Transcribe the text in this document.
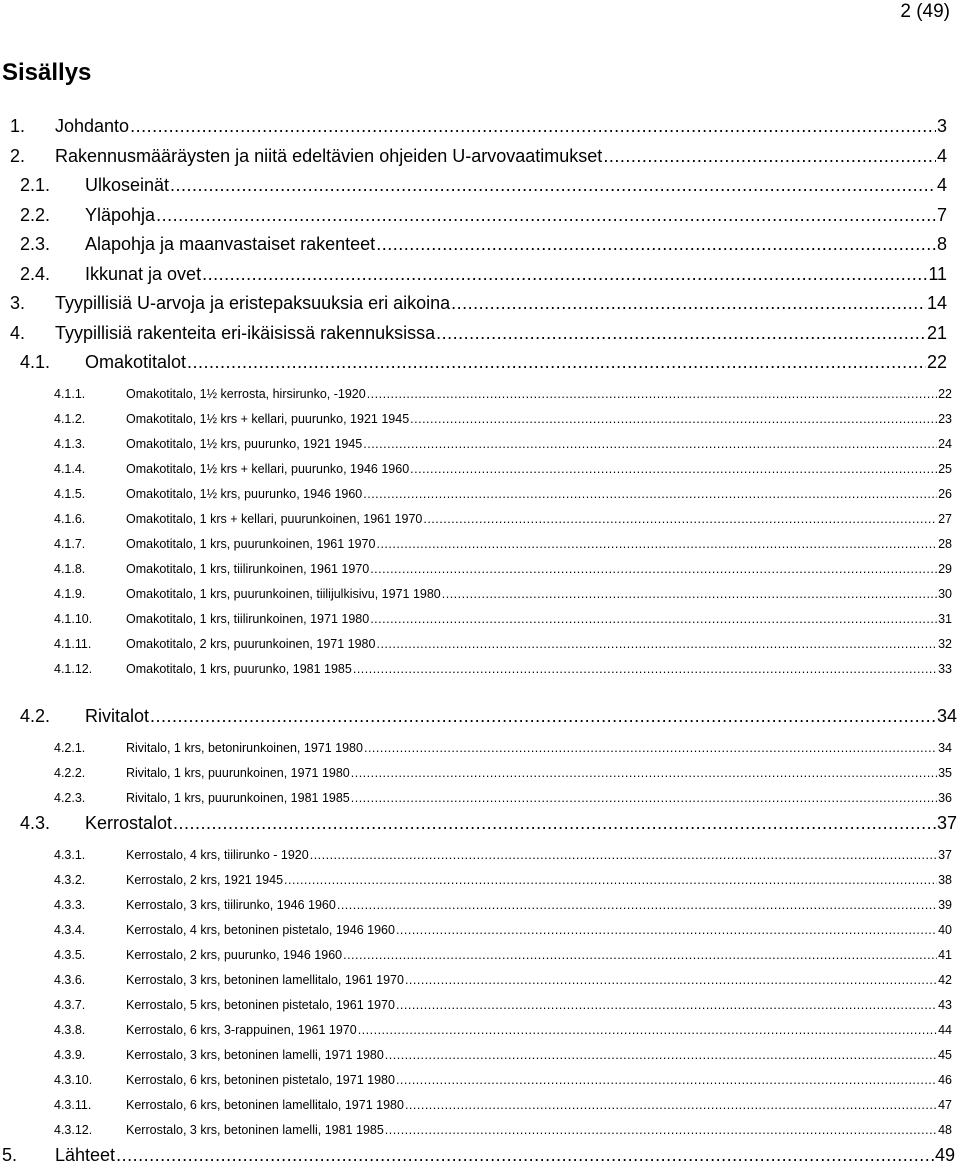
2 (49)
Sisällys
1.	Johdanto .....	3
2.	Rakennusmääräysten ja niitä edeltävien ohjeiden U-arvovaatimukset .....	4
2.1.	Ulkoseinät .....	4
2.2.	Yläpohja .....	7
2.3.	Alapohja ja maanvastaiset rakenteet .....	8
2.4.	Ikkunat ja ovet .....	11
3.	Tyypillisiä U-arvoja ja eristepaksuuksia eri aikoina .....	14
4.	Tyypillisiä rakenteita eri-ikäisissä rakennuksissa .....	21
4.1.	Omakotitalot .....	22
4.1.1.	Omakotitalo, 1½ kerrosta, hirsirunko, -1920 .....	22
4.1.2.	Omakotitalo, 1½ krs + kellari, puurunko, 1921 1945 .....	23
4.1.3.	Omakotitalo, 1½ krs, puurunko, 1921 1945 .....	24
4.1.4.	Omakotitalo, 1½ krs + kellari, puurunko, 1946 1960 .....	25
4.1.5.	Omakotitalo, 1½ krs, puurunko, 1946 1960 .....	26
4.1.6.	Omakotitalo, 1 krs + kellari, puurunkoinen, 1961 1970 .....	27
4.1.7.	Omakotitalo, 1 krs, puurunkoinen, 1961 1970 .....	28
4.1.8.	Omakotitalo, 1 krs, tiilirunkoinen, 1961 1970 .....	29
4.1.9.	Omakotitalo, 1 krs, puurunkoinen, tiilijulkisivu, 1971 1980 .....	30
4.1.10.	Omakotitalo, 1 krs, tiilirunkoinen, 1971 1980 .....	31
4.1.11.	Omakotitalo, 2 krs, puurunkoinen, 1971 1980 .....	32
4.1.12.	Omakotitalo, 1 krs, puurunko, 1981 1985 .....	33
4.2.	Rivitalot .....	34
4.2.1.	Rivitalo, 1 krs, betonirunkoinen, 1971 1980 .....	34
4.2.2.	Rivitalo, 1 krs, puurunkoinen, 1971 1980 .....	35
4.2.3.	Rivitalo, 1 krs, puurunkoinen, 1981 1985 .....	36
4.3.	Kerrostalot .....	37
4.3.1.	Kerrostalo, 4 krs, tiilirunko - 1920 .....	37
4.3.2.	Kerrostalo, 2 krs, 1921 1945 .....	38
4.3.3.	Kerrostalo, 3 krs, tiilirunko, 1946 1960 .....	39
4.3.4.	Kerrostalo, 4 krs, betoninen pistetalo, 1946 1960 .....	40
4.3.5.	Kerrostalo, 2 krs, puurunko, 1946 1960 .....	41
4.3.6.	Kerrostalo, 3 krs, betoninen lamellitalo, 1961 1970 .....	42
4.3.7.	Kerrostalo, 5 krs, betoninen pistetalo, 1961 1970 .....	43
4.3.8.	Kerrostalo, 6 krs, 3-rappuinen, 1961 1970 .....	44
4.3.9.	Kerrostalo, 3 krs, betoninen lamelli, 1971 1980 .....	45
4.3.10.	Kerrostalo, 6 krs, betoninen pistetalo, 1971 1980 .....	46
4.3.11.	Kerrostalo, 6 krs, betoninen lamellitalo, 1971 1980 .....	47
4.3.12.	Kerrostalo, 3 krs, betoninen lamelli, 1981 1985 .....	48
5.	Lähteet .....	49
